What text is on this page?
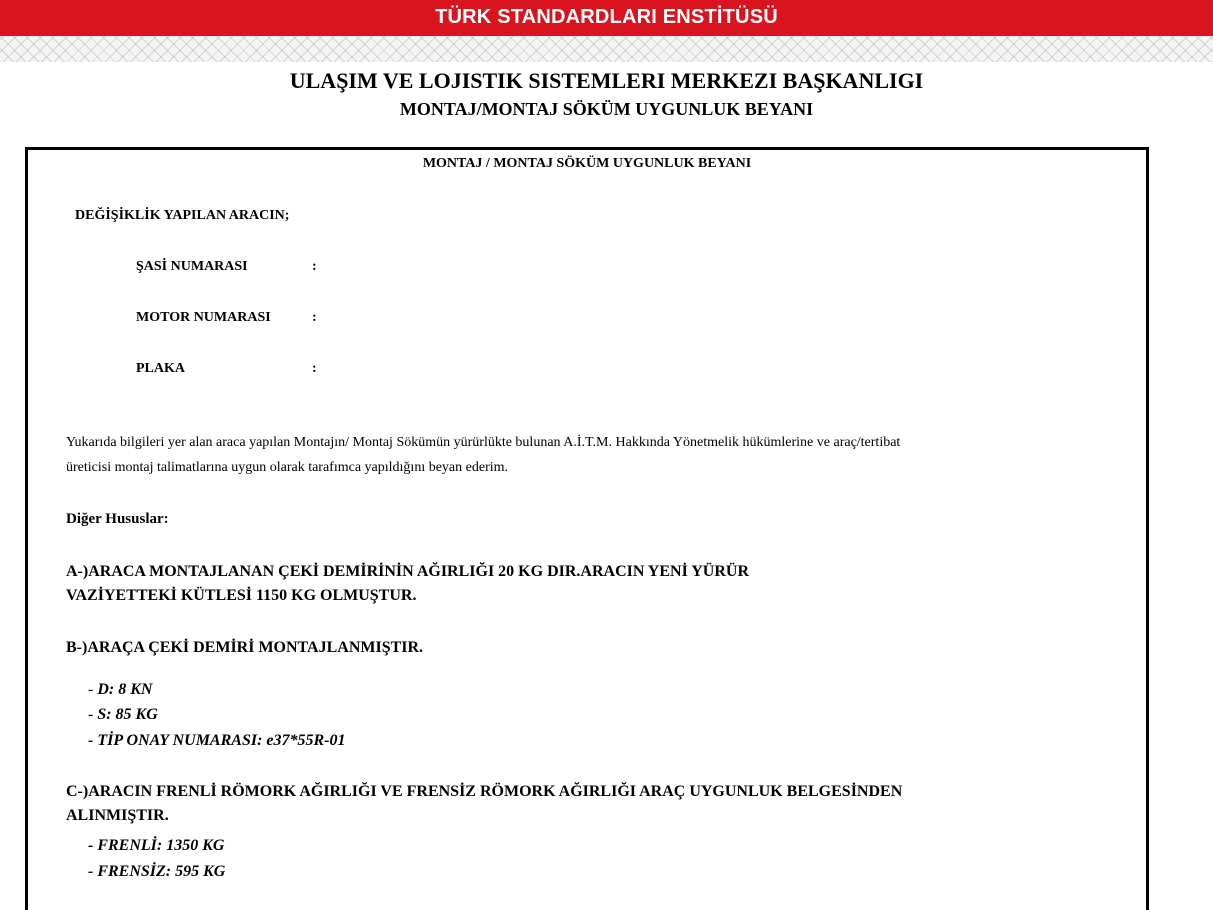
TÜRK STANDARDLARI ENSTİTÜSÜ
ULAŞIM VE LOJISTIK SISTEMLERI MERKEZI BAŞKANLIGI
MONTAJ/MONTAJ SÖKÜM UYGUNLUK BEYANI
MONTAJ / MONTAJ SÖKÜM UYGUNLUK BEYANI
DEĞİŞİKLİK YAPILAN ARACIN;
ŞASİ NUMARASI	:
MOTOR NUMARASI	:
PLAKA	:
Yukarıda bilgileri yer alan araca yapılan Montajın/ Montaj Sökümün yürürlükte bulunan A.İ.T.M. Hakkında Yönetmelik hükümlerine ve araç/tertibat
üreticisi montaj talimatlarına uygun olarak tarafımca yapıldığını beyan ederim.
Diğer Hususlar:
A-)ARACA MONTAJLANAN ÇEKİ DEMİRİNİN AĞIRLIĞI 20 KG DIR.ARACIN YENİ YÜRÜR
VAZİYETTEKİ KÜTLESİ 1150 KG OLMUŞTUR.
B-)ARAÇA ÇEKİ DEMİRİ MONTAJLANMIŞTIR.
- D: 8 KN
- S: 85 KG
- TİP ONAY NUMARASI: e37*55R-01
C-)ARACIN FRENLİ RÖMORK AĞIRLIĞI VE FRENSİZ RÖMORK AĞIRLIĞI ARAÇ UYGUNLUK BELGESİNDEN
ALINMIŞTIR.
- FRENLİ: 1350 KG
- FRENSİZ: 595 KG
